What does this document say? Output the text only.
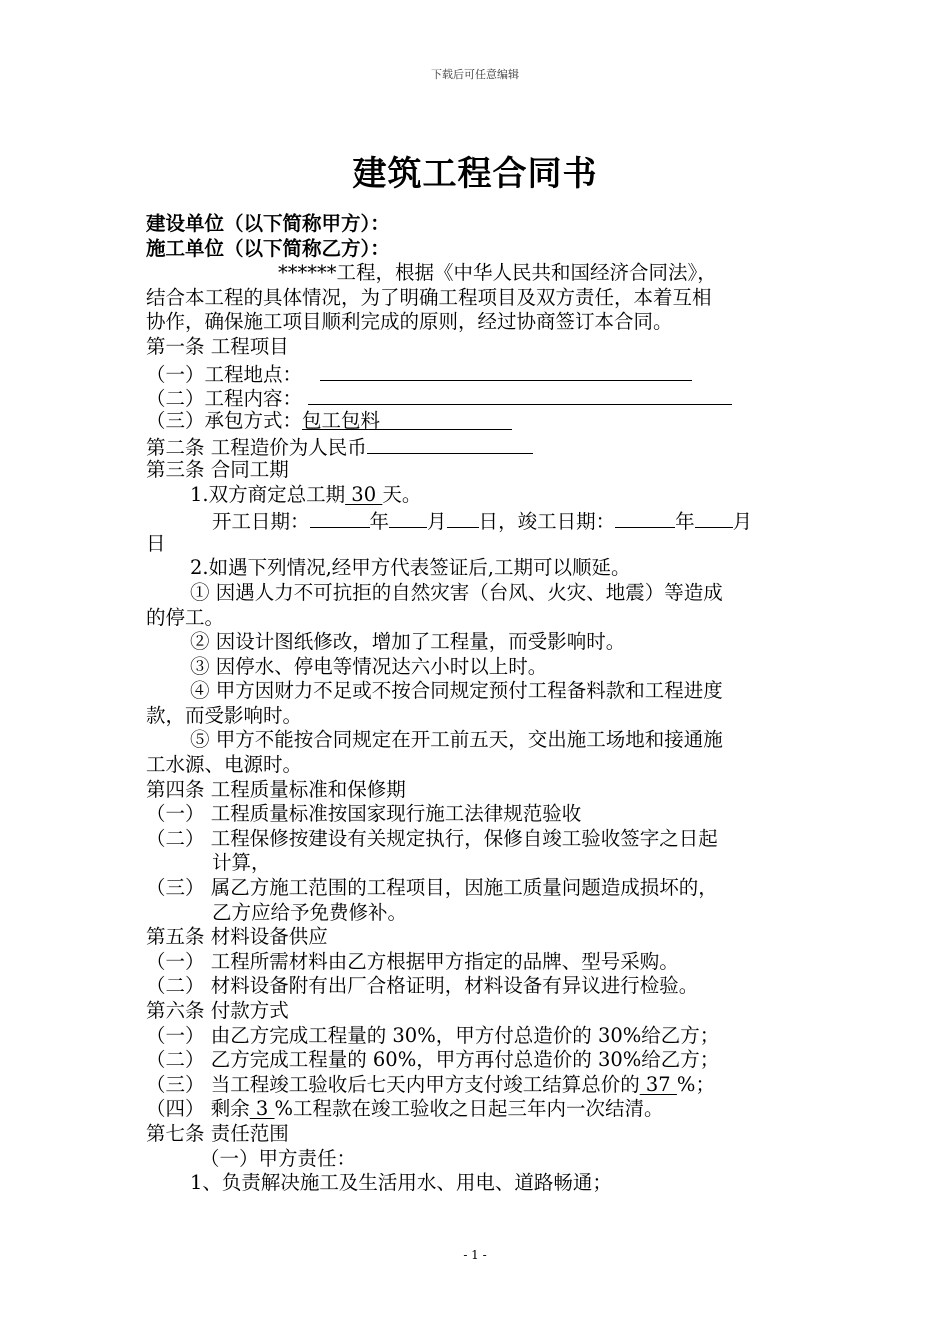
下载后可任意编辑
建筑工程合同书
建设单位（以下简称甲方）：
施工单位（以下简称乙方）：
******工程，根据《中华人民共和国经济合同法》，
结合本工程的具体情况，为了明确工程项目及双方责任，本着互相
协作，确保施工项目顺利完成的原则，经过协商签订本合同。
第一条 工程项目
（一）工程地点：
（二）工程内容：
（三）承包方式：包工包料
第二条 工程造价为人民币
第三条 合同工期
1.双方商定总工期 30 天。
开工日期：	年 月 日，竣工日期：	年 月
日
2.如遇下列情况,经甲方代表签证后,工期可以顺延。
① 因遇人力不可抗拒的自然灾害（台风、火灾、地震）等造成
的停工。
② 因设计图纸修改，增加了工程量，而受影响时。
③ 因停水、停电等情况达六小时以上时。
④ 甲方因财力不足或不按合同规定预付工程备料款和工程进度
款，而受影响时。
⑤ 甲方不能按合同规定在开工前五天，交出施工场地和接通施
工水源、电源时。
第四条 工程质量标准和保修期
（一） 工程质量标准按国家现行施工法律规范验收
（二） 工程保修按建设有关规定执行，保修自竣工验收签字之日起
计算，
（三） 属乙方施工范围的工程项目，因施工质量问题造成损坏的，
乙方应给予免费修补。
第五条 材料设备供应
（一） 工程所需材料由乙方根据甲方指定的品牌、型号采购。
（二） 材料设备附有出厂合格证明，材料设备有异议进行检验。
第六条 付款方式
（一） 由乙方完成工程量的 30%，甲方付总造价的 30%给乙方；
（二） 乙方完成工程量的 60%，甲方再付总造价的 30%给乙方；
（三） 当工程竣工验收后七天内甲方支付竣工结算总价的 37 %；
（四） 剩余 3 %工程款在竣工验收之日起三年内一次结清。
第七条 责任范围
（一）甲方责任：
1、负责解决施工及生活用水、用电、道路畅通；
- 1 -
